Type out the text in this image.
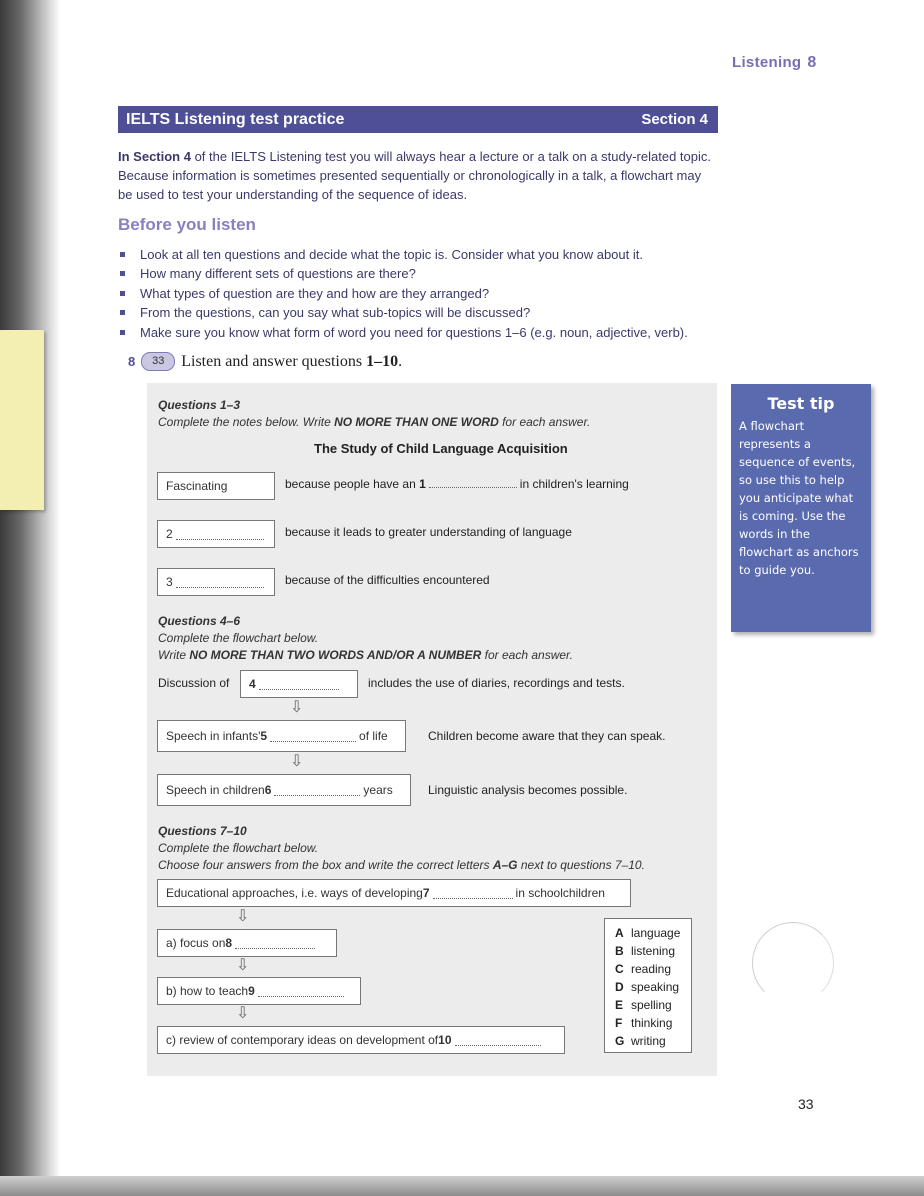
Listening 8
IELTS Listening test practice	Section 4
In Section 4 of the IELTS Listening test you will always hear a lecture or a talk on a study-related topic. Because information is sometimes presented sequentially or chronologically in a talk, a flowchart may be used to test your understanding of the sequence of ideas.
Before you listen
Look at all ten questions and decide what the topic is. Consider what you know about it.
How many different sets of questions are there?
What types of question are they and how are they arranged?
From the questions, can you say what sub-topics will be discussed?
Make sure you know what form of word you need for questions 1–6 (e.g. noun, adjective, verb).
8	33	Listen and answer questions 1–10.
Questions 1–3
Complete the notes below. Write NO MORE THAN ONE WORD for each answer.
The Study of Child Language Acquisition
Fascinating	because people have an 1	in children's learning
2	because it leads to greater understanding of language
3	because of the difficulties encountered
Questions 4–6
Complete the flowchart below.
Write NO MORE THAN TWO WORDS AND/OR A NUMBER for each answer.
Discussion of 4	includes the use of diaries, recordings and tests.
⇩
Speech in infants' 5	of life	Children become aware that they can speak.
⇩
Speech in children 6	years	Linguistic analysis becomes possible.
Questions 7–10
Complete the flowchart below.
Choose four answers from the box and write the correct letters A–G next to questions 7–10.
Educational approaches, i.e. ways of developing 7	in schoolchildren
⇩
a) focus on 8
⇩
b) how to teach 9
⇩
c) review of contemporary ideas on development of 10
A language
B listening
C reading
D speaking
E spelling
F thinking
G writing
Test tip
A flowchart represents a sequence of events, so use this to help you anticipate what is coming. Use the words in the flowchart as anchors to guide you.
33
